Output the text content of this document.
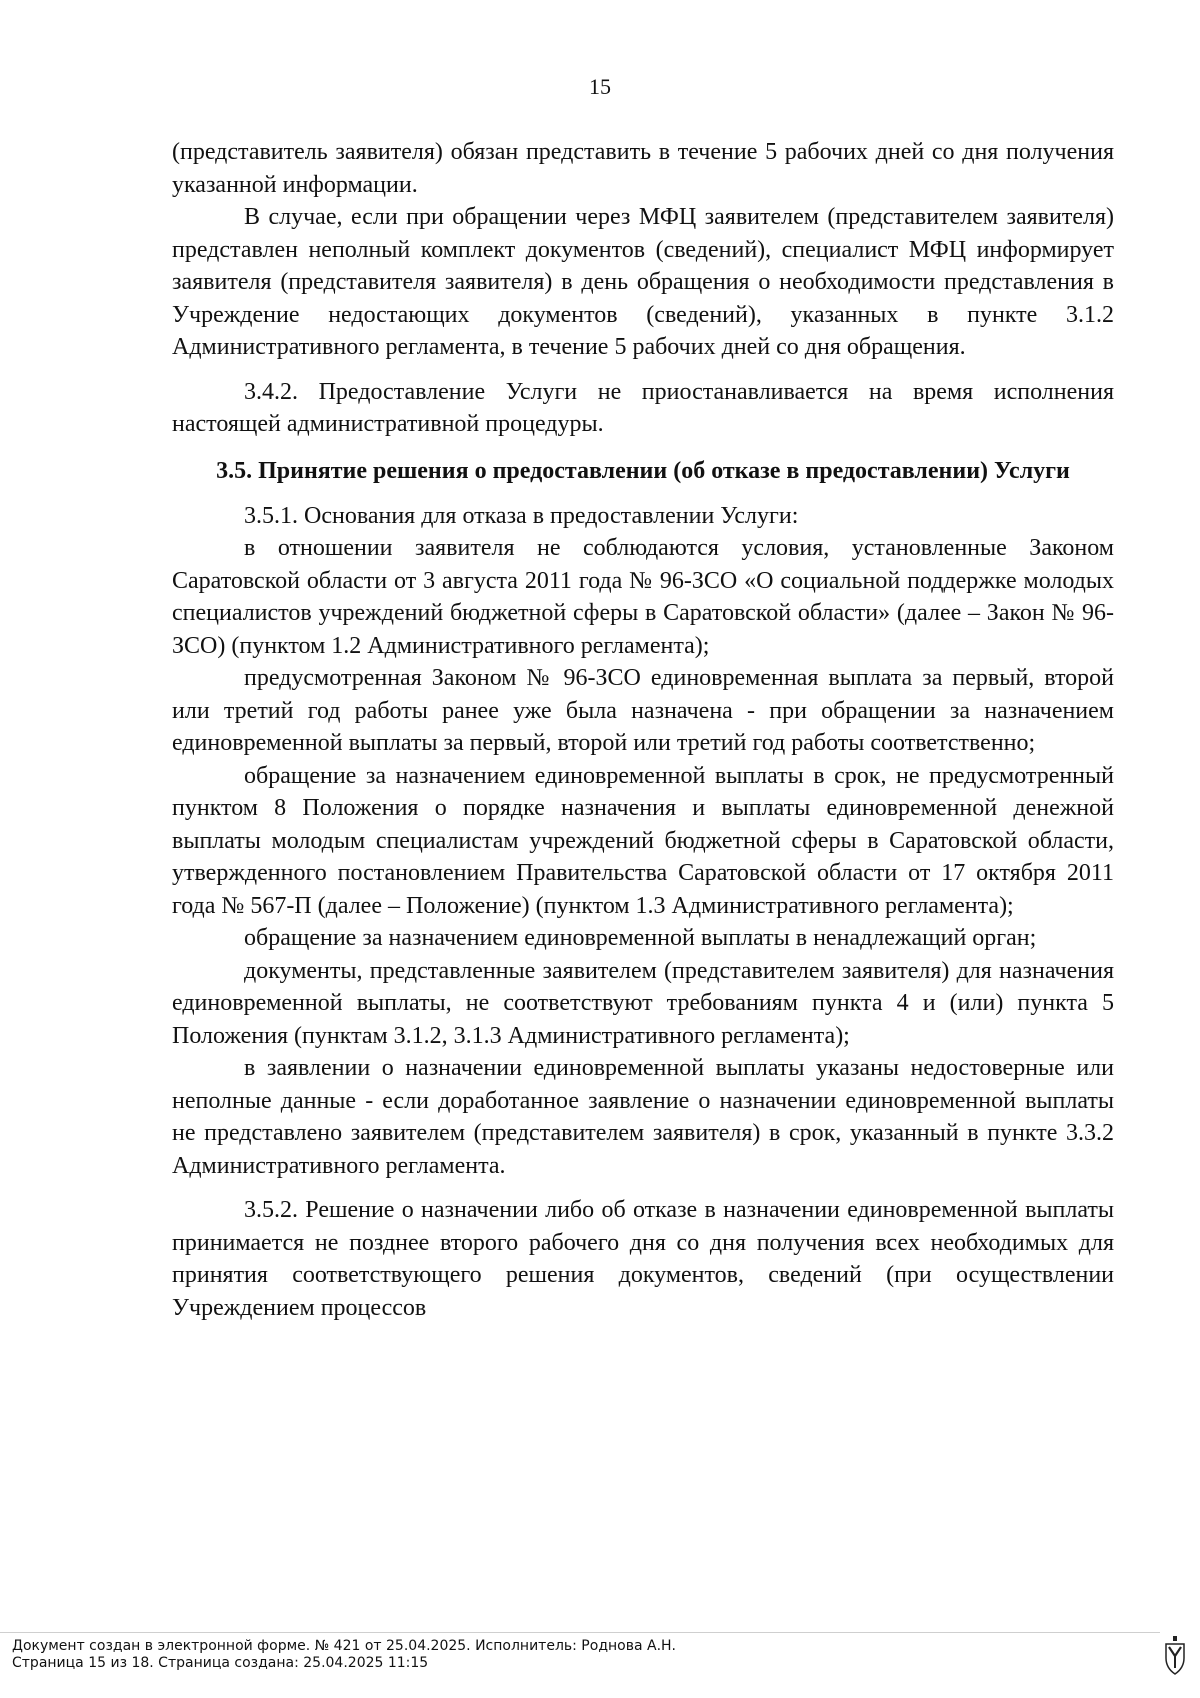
15

(представитель заявителя) обязан представить в течение 5 рабочих дней со дня получения указанной информации.

В случае, если при обращении через МФЦ заявителем (представителем заявителя) представлен неполный комплект документов (сведений), специалист МФЦ информирует заявителя (представителя заявителя) в день обращения о необходимости представления в Учреждение недостающих документов (сведений), указанных в пункте 3.1.2 Административного регламента, в течение 5 рабочих дней со дня обращения.

3.4.2. Предоставление Услуги не приостанавливается на время исполнения настоящей административной процедуры.

3.5. Принятие решения о предоставлении (об отказе в предоставлении) Услуги

3.5.1. Основания для отказа в предоставлении Услуги:

в отношении заявителя не соблюдаются условия, установленные Законом Саратовской области от 3 августа 2011 года № 96-ЗСО «О социальной поддержке молодых специалистов учреждений бюджетной сферы в Саратовской области» (далее – Закон № 96-ЗСО) (пунктом 1.2 Административного регламента);

предусмотренная Законом № 96-ЗСО единовременная выплата за первый, второй или третий год работы ранее уже была назначена - при обращении за назначением единовременной выплаты за первый, второй или третий год работы соответственно;

обращение за назначением единовременной выплаты в срок, не предусмотренный пунктом 8 Положения о порядке назначения и выплаты единовременной денежной выплаты молодым специалистам учреждений бюджетной сферы в Саратовской области, утвержденного постановлением Правительства Саратовской области от 17 октября 2011 года № 567-П (далее – Положение) (пунктом 1.3 Административного регламента);

обращение за назначением единовременной выплаты в ненадлежащий орган;

документы, представленные заявителем (представителем заявителя) для назначения единовременной выплаты, не соответствуют требованиям пункта 4 и (или) пункта 5 Положения (пунктам 3.1.2, 3.1.3 Административного регламента);

в заявлении о назначении единовременной выплаты указаны недостоверные или неполные данные - если доработанное заявление о назначении единовременной выплаты не представлено заявителем (представителем заявителя) в срок, указанный в пункте 3.3.2 Административного регламента.

3.5.2. Решение о назначении либо об отказе в назначении единовременной выплаты принимается не позднее второго рабочего дня со дня получения всех необходимых для принятия соответствующего решения документов, сведений (при осуществлении Учреждением процессов

Документ создан в электронной форме. № 421 от 25.04.2025. Исполнитель: Роднова А.Н.
Страница 15 из 18. Страница создана: 25.04.2025 11:15
